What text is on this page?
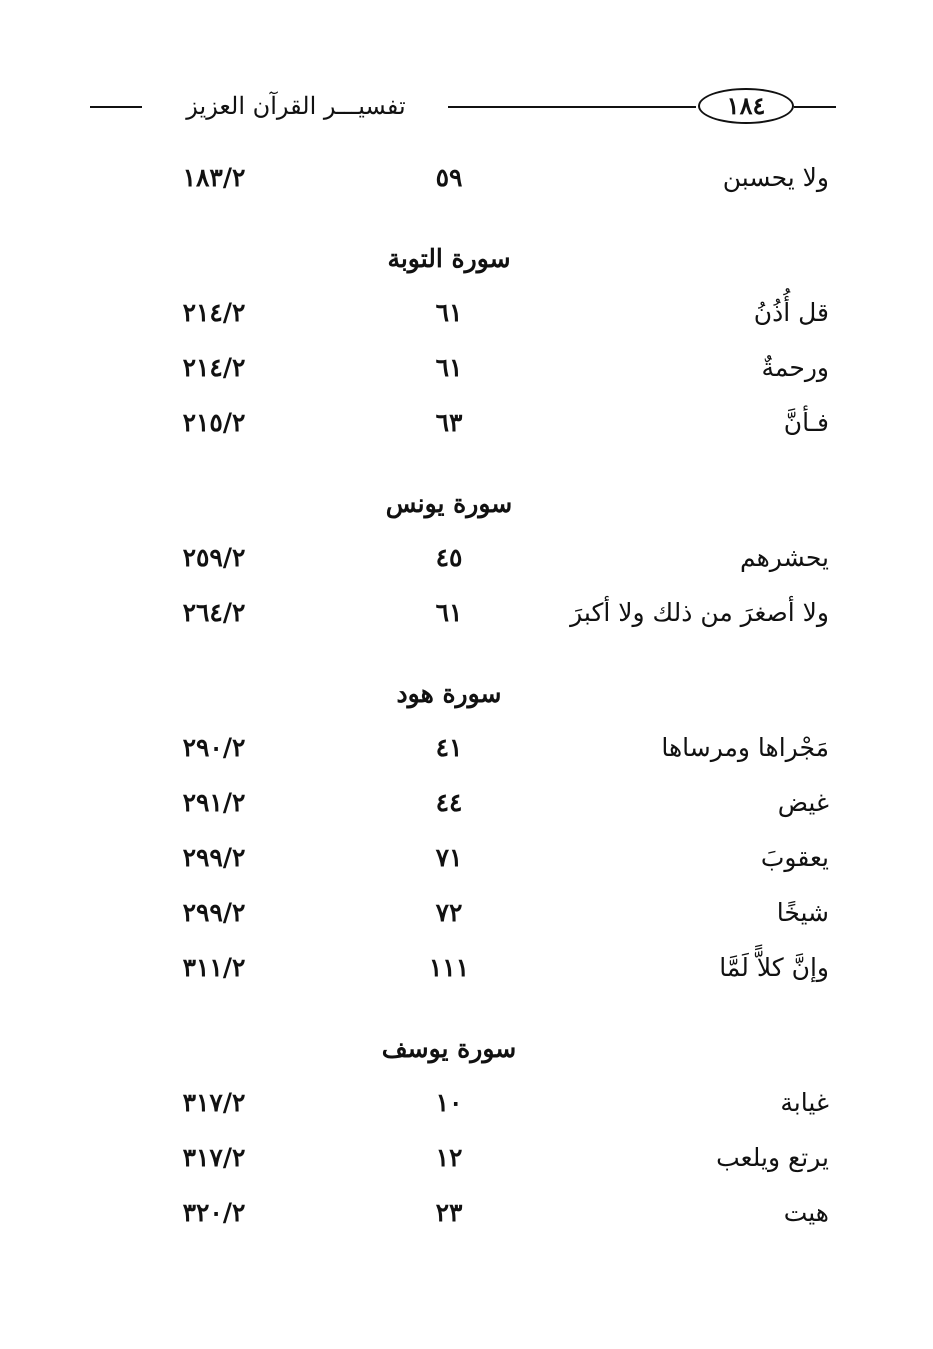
١٨٤
تفسيـــر القرآن العزيز
ولا يحسبن
٥٩
١٨٣/٢
سورة التوبة
قل أُذُنُ
٦١
٢١٤/٢
ورحمةٌ
٦١
٢١٤/٢
فـأنَّ
٦٣
٢١٥/٢
سورة يونس
يحشرهم
٤٥
٢٥٩/٢
ولا أصغرَ من ذلك ولا أكبرَ
٦١
٢٦٤/٢
سورة هود
مَجْراها ومرساها
٤١
٢٩٠/٢
غيض
٤٤
٢٩١/٢
يعقوبَ
٧١
٢٩٩/٢
شيخًا
٧٢
٢٩٩/٢
وإنَّ كلاًّ لَمَّا
١١١
٣١١/٢
سورة يوسف
غيابة
١٠
٣١٧/٢
يرتع ويلعب
١٢
٣١٧/٢
هيت
٢٣
٣٢٠/٢
